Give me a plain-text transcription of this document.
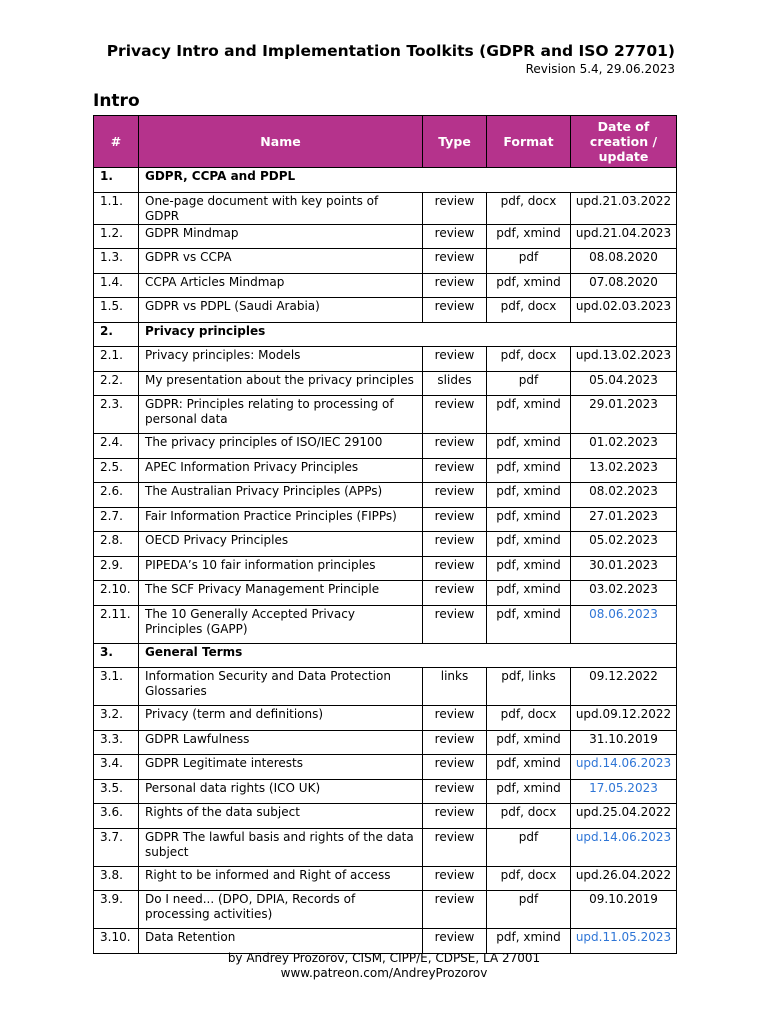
Privacy Intro and Implementation Toolkits (GDPR and ISO 27701)
Revision 5.4, 29.06.2023
Intro
#	Name	Type	Format	Date of creation / update
1.	GDPR, CCPA and PDPL			
1.1.	One-page document with key points of GDPR	review	pdf, docx	upd.21.03.2022
1.2.	GDPR Mindmap	review	pdf, xmind	upd.21.04.2023
1.3.	GDPR vs CCPA	review	pdf	08.08.2020
1.4.	CCPA Articles Mindmap	review	pdf, xmind	07.08.2020
1.5.	GDPR vs PDPL (Saudi Arabia)	review	pdf, docx	upd.02.03.2023
2.	Privacy principles			
2.1.	Privacy principles: Models	review	pdf, docx	upd.13.02.2023
2.2.	My presentation about the privacy principles	slides	pdf	05.04.2023
2.3.	GDPR: Principles relating to processing of personal data	review	pdf, xmind	29.01.2023
2.4.	The privacy principles of ISO/IEC 29100	review	pdf, xmind	01.02.2023
2.5.	APEC Information Privacy Principles	review	pdf, xmind	13.02.2023
2.6.	The Australian Privacy Principles (APPs)	review	pdf, xmind	08.02.2023
2.7.	Fair Information Practice Principles (FIPPs)	review	pdf, xmind	27.01.2023
2.8.	OECD Privacy Principles	review	pdf, xmind	05.02.2023
2.9.	PIPEDA’s 10 fair information principles	review	pdf, xmind	30.01.2023
2.10.	The SCF Privacy Management Principle	review	pdf, xmind	03.02.2023
2.11.	The 10 Generally Accepted Privacy Principles (GAPP)	review	pdf, xmind	08.06.2023
3.	General Terms			
3.1.	Information Security and Data Protection Glossaries	links	pdf, links	09.12.2022
3.2.	Privacy (term and definitions)	review	pdf, docx	upd.09.12.2022
3.3.	GDPR Lawfulness	review	pdf, xmind	31.10.2019
3.4.	GDPR Legitimate interests	review	pdf, xmind	upd.14.06.2023
3.5.	Personal data rights (ICO UK)	review	pdf, xmind	17.05.2023
3.6.	Rights of the data subject	review	pdf, docx	upd.25.04.2022
3.7.	GDPR The lawful basis and rights of the data subject	review	pdf	upd.14.06.2023
3.8.	Right to be informed and Right of access	review	pdf, docx	upd.26.04.2022
3.9.	Do I need... (DPO, DPIA, Records of processing activities)	review	pdf	09.10.2019
3.10.	Data Retention	review	pdf, xmind	upd.11.05.2023
by Andrey Prozorov, CISM, CIPP/E, CDPSE, LA 27001
www.patreon.com/AndreyProzorov
